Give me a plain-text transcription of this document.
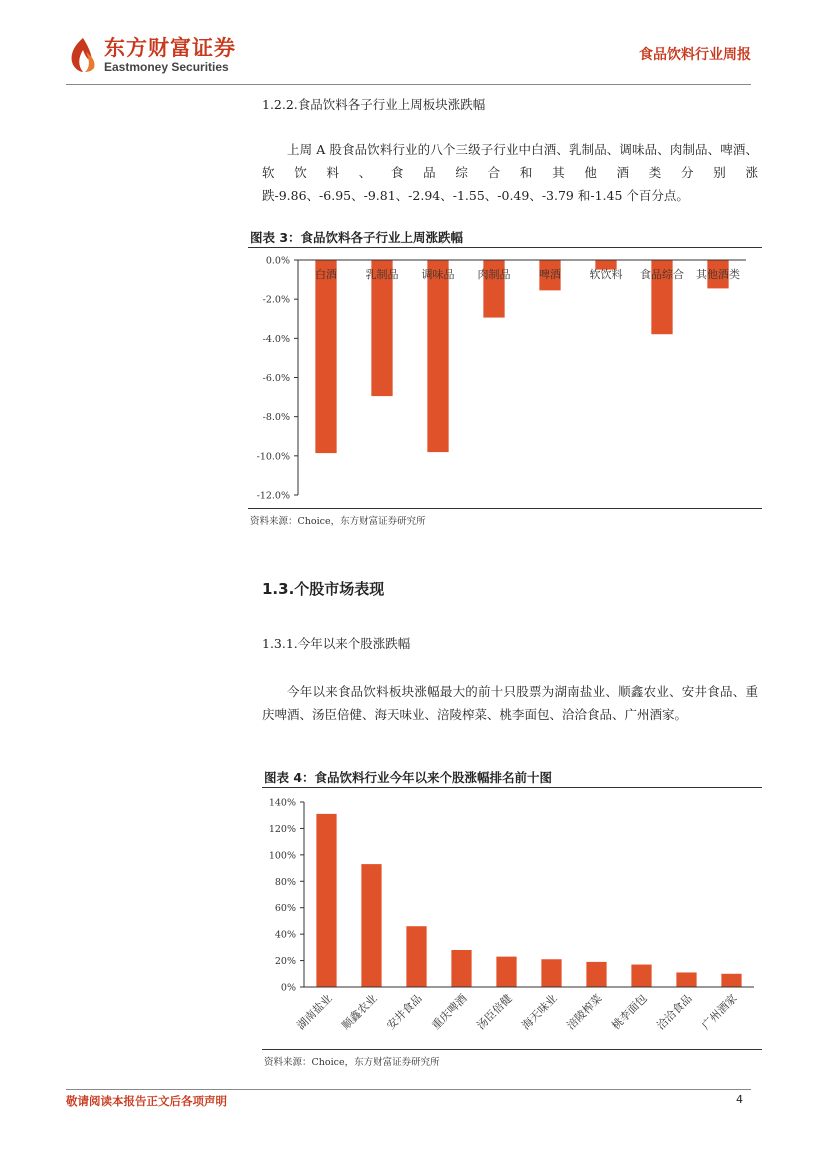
东方财富证券
Eastmoney Securities
食品饮料行业周报
1.2.2.食品饮料各子行业上周板块涨跌幅
上周 A 股食品饮料行业的八个三级子行业中白酒、乳制品、调味品、肉制品、啤酒、软饮料、食品综合和其他酒类分别涨跌-9.86、-6.95、-9.81、-2.94、-1.55、-0.49、-3.79 和-1.45 个百分点。
图表 3：食品饮料各子行业上周涨跌幅
0.0%
-2.0%
-4.0%
-6.0%
-8.0%
-10.0%
-12.0%
白酒	乳制品 调味品 肉制品	啤酒	软饮料 食品综合 其他酒类
资料来源：Choice，东方财富证券研究所
1.3.个股市场表现
1.3.1.今年以来个股涨跌幅
今年以来食品饮料板块涨幅最大的前十只股票为湖南盐业、顺鑫农业、安井食品、重庆啤酒、汤臣倍健、海天味业、涪陵榨菜、桃李面包、洽洽食品、广州酒家。
图表 4：食品饮料行业今年以来个股涨幅排名前十图
0%
20%
40%
60%
80%
100%
120%
140%
湖南盐业 顺鑫农业 安井食品 重庆啤酒 汤臣倍健 海天味业 涪陵榨菜 桃李面包 洽洽食品 广州酒家
资料来源：Choice，东方财富证券研究所
敬请阅读本报告正文后各项声明	4
